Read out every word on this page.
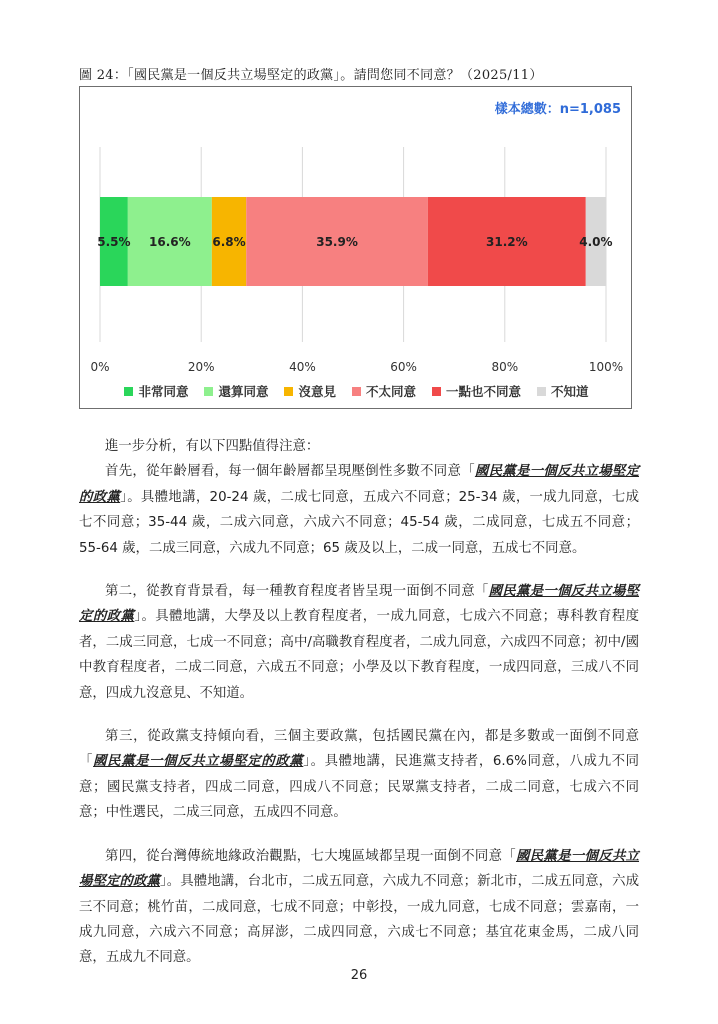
圖 24：「國民黨是一個反共立場堅定的政黨」。請問您同不同意？（2025/11）
5.5% 16.6% 6.8%	35.9%	31.2%	4.0%
0%	20%	40%	60%	80%	100%
樣本總數：n=1,085
非常同意 還算同意 沒意見 不太同意 一點也不同意 不知道

進一步分析，有以下四點值得注意：

首先，從年齡層看，每一個年齡層都呈現壓倒性多數不同意「國民黨是一個反共立場堅定的政黨」。具體地講，20-24 歲，二成七同意，五成六不同意；25-34 歲，一成九同意，七成七不同意；35-44 歲，二成六同意，六成六不同意；45-54 歲，二成同意，七成五不同意；55-64 歲，二成三同意，六成九不同意；65 歲及以上，二成一同意，五成七不同意。

第二，從教育背景看，每一種教育程度者皆呈現一面倒不同意「國民黨是一個反共立場堅定的政黨」。具體地講，大學及以上教育程度者，一成九同意，七成六不同意；專科教育程度者，二成三同意，七成一不同意；高中/高職教育程度者，二成九同意，六成四不同意；初中/國中教育程度者，二成二同意，六成五不同意；小學及以下教育程度，一成四同意，三成八不同意，四成九沒意見、不知道。

第三，從政黨支持傾向看，三個主要政黨，包括國民黨在內，都是多數或一面倒不同意「國民黨是一個反共立場堅定的政黨」。具體地講，民進黨支持者，6.6%同意，八成九不同意；國民黨支持者，四成二同意，四成八不同意；民眾黨支持者，二成二同意，七成六不同意；中性選民，二成三同意，五成四不同意。

第四，從台灣傳統地緣政治觀點，七大塊區域都呈現一面倒不同意「國民黨是一個反共立場堅定的政黨」。具體地講，台北市，二成五同意，六成九不同意；新北市，二成五同意，六成三不同意；桃竹苗，二成同意，七成不同意；中彰投，一成九同意，七成不同意；雲嘉南，一成九同意，六成六不同意；高屏澎，二成四同意，六成七不同意；基宜花東金馬，二成八同意，五成九不同意。

26
